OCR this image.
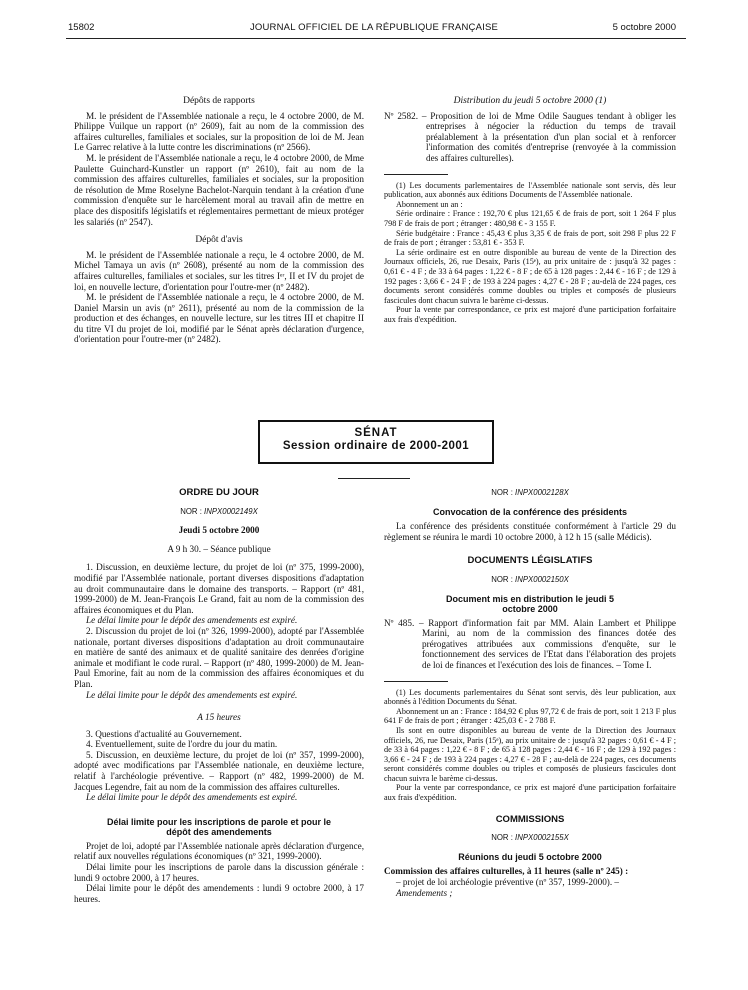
15802	JOURNAL OFFICIEL DE LA RÉPUBLIQUE FRANÇAISE	5 octobre 2000
Dépôts de rapports

M. le président de l'Assemblée nationale a reçu, le 4 octobre 2000, de M. Philippe Vuilque un rapport (nº 2609), fait au nom de la commission des affaires culturelles, familiales et sociales, sur la proposition de loi de M. Jean Le Garrec relative à la lutte contre les discriminations (nº 2566).

M. le président de l'Assemblée nationale a reçu, le 4 octobre 2000, de Mme Paulette Guinchard-Kunstler un rapport (nº 2610), fait au nom de la commission des affaires culturelles, familiales et sociales, sur la proposition de résolution de Mme Roselyne Bachelot-Narquin tendant à la création d'une commission d'enquête sur le harcèlement moral au travail afin de mettre en place des dispositifs législatifs et réglementaires permettant de mieux protéger les salariés (nº 2547).

Dépôt d'avis

M. le président de l'Assemblée nationale a reçu, le 4 octobre 2000, de M. Michel Tamaya un avis (nº 2608), présenté au nom de la commission des affaires culturelles, familiales et sociales, sur les titres Iᵉʳ, II et IV du projet de loi, en nouvelle lecture, d'orientation pour l'outre-mer (nº 2482).

M. le président de l'Assemblée nationale a reçu, le 4 octobre 2000, de M. Daniel Marsin un avis (nº 2611), présenté au nom de la commission de la production et des échanges, en nouvelle lecture, sur les titres III et chapitre II du titre VI du projet de loi, modifié par le Sénat après déclaration d'urgence, d'orientation pour l'outre-mer (nº 2482).

Distribution du jeudi 5 octobre 2000 (1)

Nº 2582. – Proposition de loi de Mme Odile Saugues tendant à obliger les entreprises à négocier la réduction du temps de travail préalablement à la présentation d'un plan social et à renforcer l'information des comités d'entreprise (renvoyée à la commission des affaires culturelles).

(1) Les documents parlementaires de l'Assemblée nationale sont servis, dès leur publication, aux abonnés aux éditions Documents de l'Assemblée nationale.

Abonnement un an :

Série ordinaire : France : 192,70 € plus 121,65 € de frais de port, soit 1 264 F plus 798 F de frais de port ; étranger : 480,98 € - 3 155 F.

Série budgétaire : France : 45,43 € plus 3,35 € de frais de port, soit 298 F plus 22 F de frais de port ; étranger : 53,81 € - 353 F.

La série ordinaire est en outre disponible au bureau de vente de la Direction des Journaux officiels, 26, rue Desaix, Paris (15ᵉ), au prix unitaire de : jusqu'à 32 pages : 0,61 € - 4 F ; de 33 à 64 pages : 1,22 € - 8 F ; de 65 à 128 pages : 2,44 € - 16 F ; de 129 à 192 pages : 3,66 € - 24 F ; de 193 à 224 pages : 4,27 € - 28 F ; au-delà de 224 pages, ces documents seront considérés comme doubles ou triples et composés de plusieurs fascicules dont chacun suivra le barème ci-dessus.

Pour la vente par correspondance, ce prix est majoré d'une participation forfaitaire aux frais d'expédition.

SÉNAT
Session ordinaire de 2000-2001
ORDRE DU JOUR
NOR : INPX0002149X
Jeudi 5 octobre 2000
A 9 h 30. – Séance publique

1. Discussion, en deuxième lecture, du projet de loi (nº 375, 1999-2000), modifié par l'Assemblée nationale, portant diverses dispositions d'adaptation au droit communautaire dans le domaine des transports. – Rapport (nº 481, 1999-2000) de M. Jean-François Le Grand, fait au nom de la commission des affaires économiques et du Plan.

Le délai limite pour le dépôt des amendements est expiré.

2. Discussion du projet de loi (nº 326, 1999-2000), adopté par l'Assemblée nationale, portant diverses dispositions d'adaptation au droit communautaire en matière de santé des animaux et de qualité sanitaire des denrées d'origine animale et modifiant le code rural. – Rapport (nº 480, 1999-2000) de M. Jean-Paul Emorine, fait au nom de la commission des affaires économiques et du Plan.

Le délai limite pour le dépôt des amendements est expiré.

A 15 heures

3. Questions d'actualité au Gouvernement.

4. Eventuellement, suite de l'ordre du jour du matin.

5. Discussion, en deuxième lecture, du projet de loi (nº 357, 1999-2000), adopté avec modifications par l'Assemblée nationale, en deuxième lecture, relatif à l'archéologie préventive. – Rapport (nº 482, 1999-2000) de M. Jacques Legendre, fait au nom de la commission des affaires culturelles.

Le délai limite pour le dépôt des amendements est expiré.

Délai limite pour les inscriptions de parole et pour le dépôt des amendements

Projet de loi, adopté par l'Assemblée nationale après déclaration d'urgence, relatif aux nouvelles régulations économiques (nº 321, 1999-2000).

Délai limite pour les inscriptions de parole dans la discussion générale : lundi 9 octobre 2000, à 17 heures.

Délai limite pour le dépôt des amendements : lundi 9 octobre 2000, à 17 heures.

NOR : INPX0002128X
Convocation de la conférence des présidents

La conférence des présidents constituée conformément à l'article 29 du règlement se réunira le mardi 10 octobre 2000, à 12 h 15 (salle Médicis).

DOCUMENTS LÉGISLATIFS
NOR : INPX0002150X
Document mis en distribution le jeudi 5 octobre 2000

Nº 485. – Rapport d'information fait par MM. Alain Lambert et Philippe Marini, au nom de la commission des finances dotée des prérogatives attribuées aux commissions d'enquête, sur le fonctionnement des services de l'Etat dans l'élaboration des projets de loi de finances et l'exécution des lois de finances. – Tome I.

(1) Les documents parlementaires du Sénat sont servis, dès leur publication, aux abonnés à l'édition Documents du Sénat.

Abonnement un an : France : 184,92 € plus 97,72 € de frais de port, soit 1 213 F plus 641 F de frais de port ; étranger : 425,03 € - 2 788 F.

Ils sont en outre disponibles au bureau de vente de la Direction des Journaux officiels, 26, rue Desaix, Paris (15ᵉ), au prix unitaire de : jusqu'à 32 pages : 0,61 € - 4 F ; de 33 à 64 pages : 1,22 € - 8 F ; de 65 à 128 pages : 2,44 € - 16 F ; de 129 à 192 pages : 3,66 € - 24 F ; de 193 à 224 pages : 4,27 € - 28 F ; au-delà de 224 pages, ces documents seront considérés comme doubles ou triples et composés de plusieurs fascicules dont chacun suivra le barème ci-dessus.

Pour la vente par correspondance, ce prix est majoré d'une participation forfaitaire aux frais d'expédition.

COMMISSIONS
NOR : INPX0002155X
Réunions du jeudi 5 octobre 2000

Commission des affaires culturelles, à 11 heures (salle nº 245) :

– projet de loi archéologie préventive (nº 357, 1999-2000). –

Amendements ;
